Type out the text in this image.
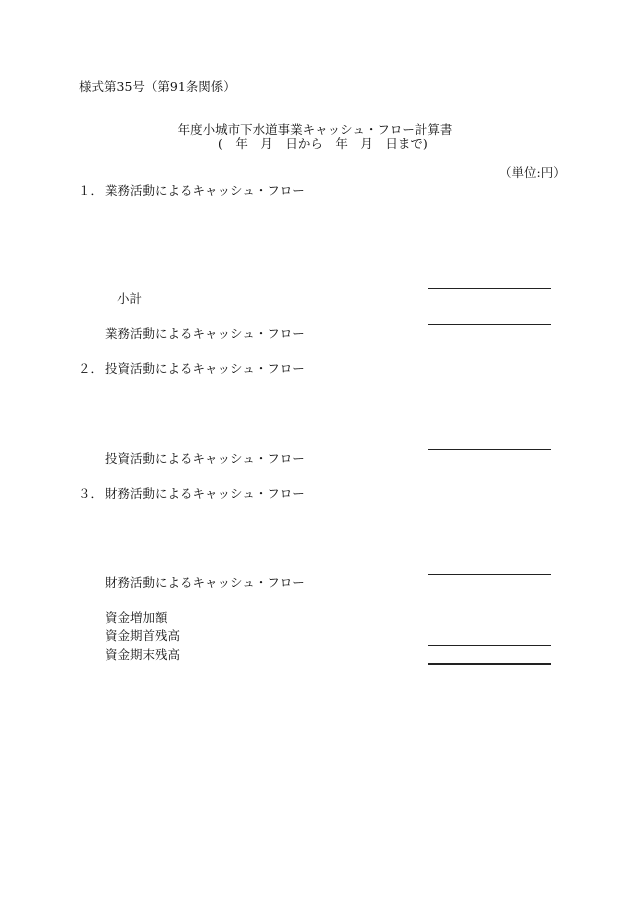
様式第35号（第91条関係）
年度小城市下水道事業キャッシュ・フロー計算書
(　年　月　日から　年　月　日まで)
（単位:円）
１． 業務活動によるキャッシュ・フロー
小計
業務活動によるキャッシュ・フロー
２． 投資活動によるキャッシュ・フロー
投資活動によるキャッシュ・フロー
３． 財務活動によるキャッシュ・フロー
財務活動によるキャッシュ・フロー
資金増加額
資金期首残高
資金期末残高
